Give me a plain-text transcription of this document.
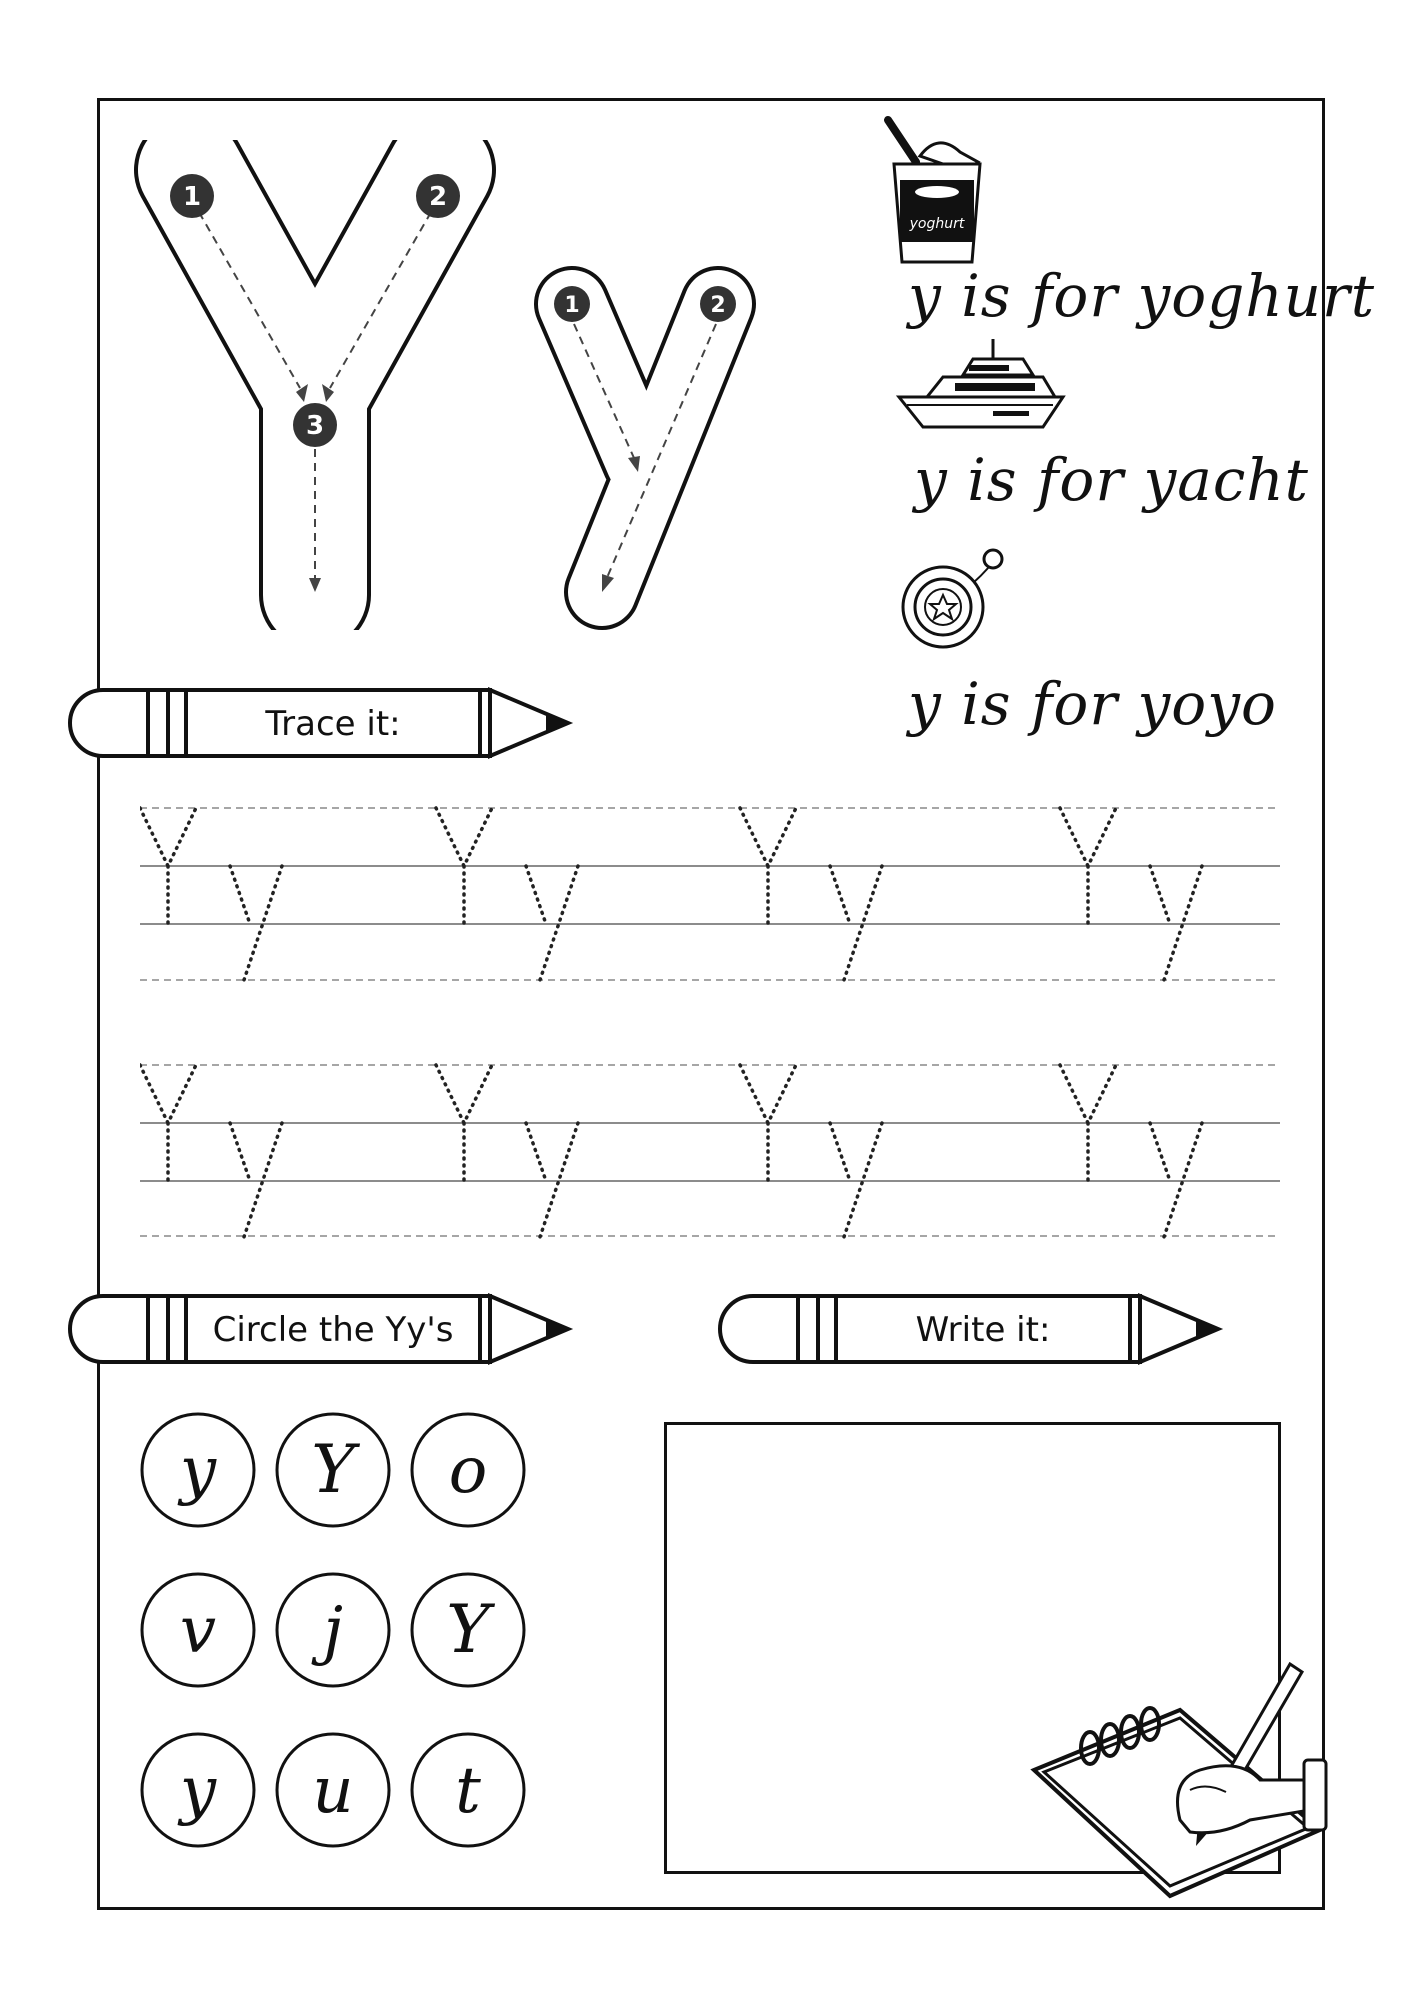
1	2
3
1	2
yoghurt
y is for yoghurt
y is for yacht
y is for yoyo
Trace it:
Circle the Yy's	Write it:
y Y o
v j Y
y u t
